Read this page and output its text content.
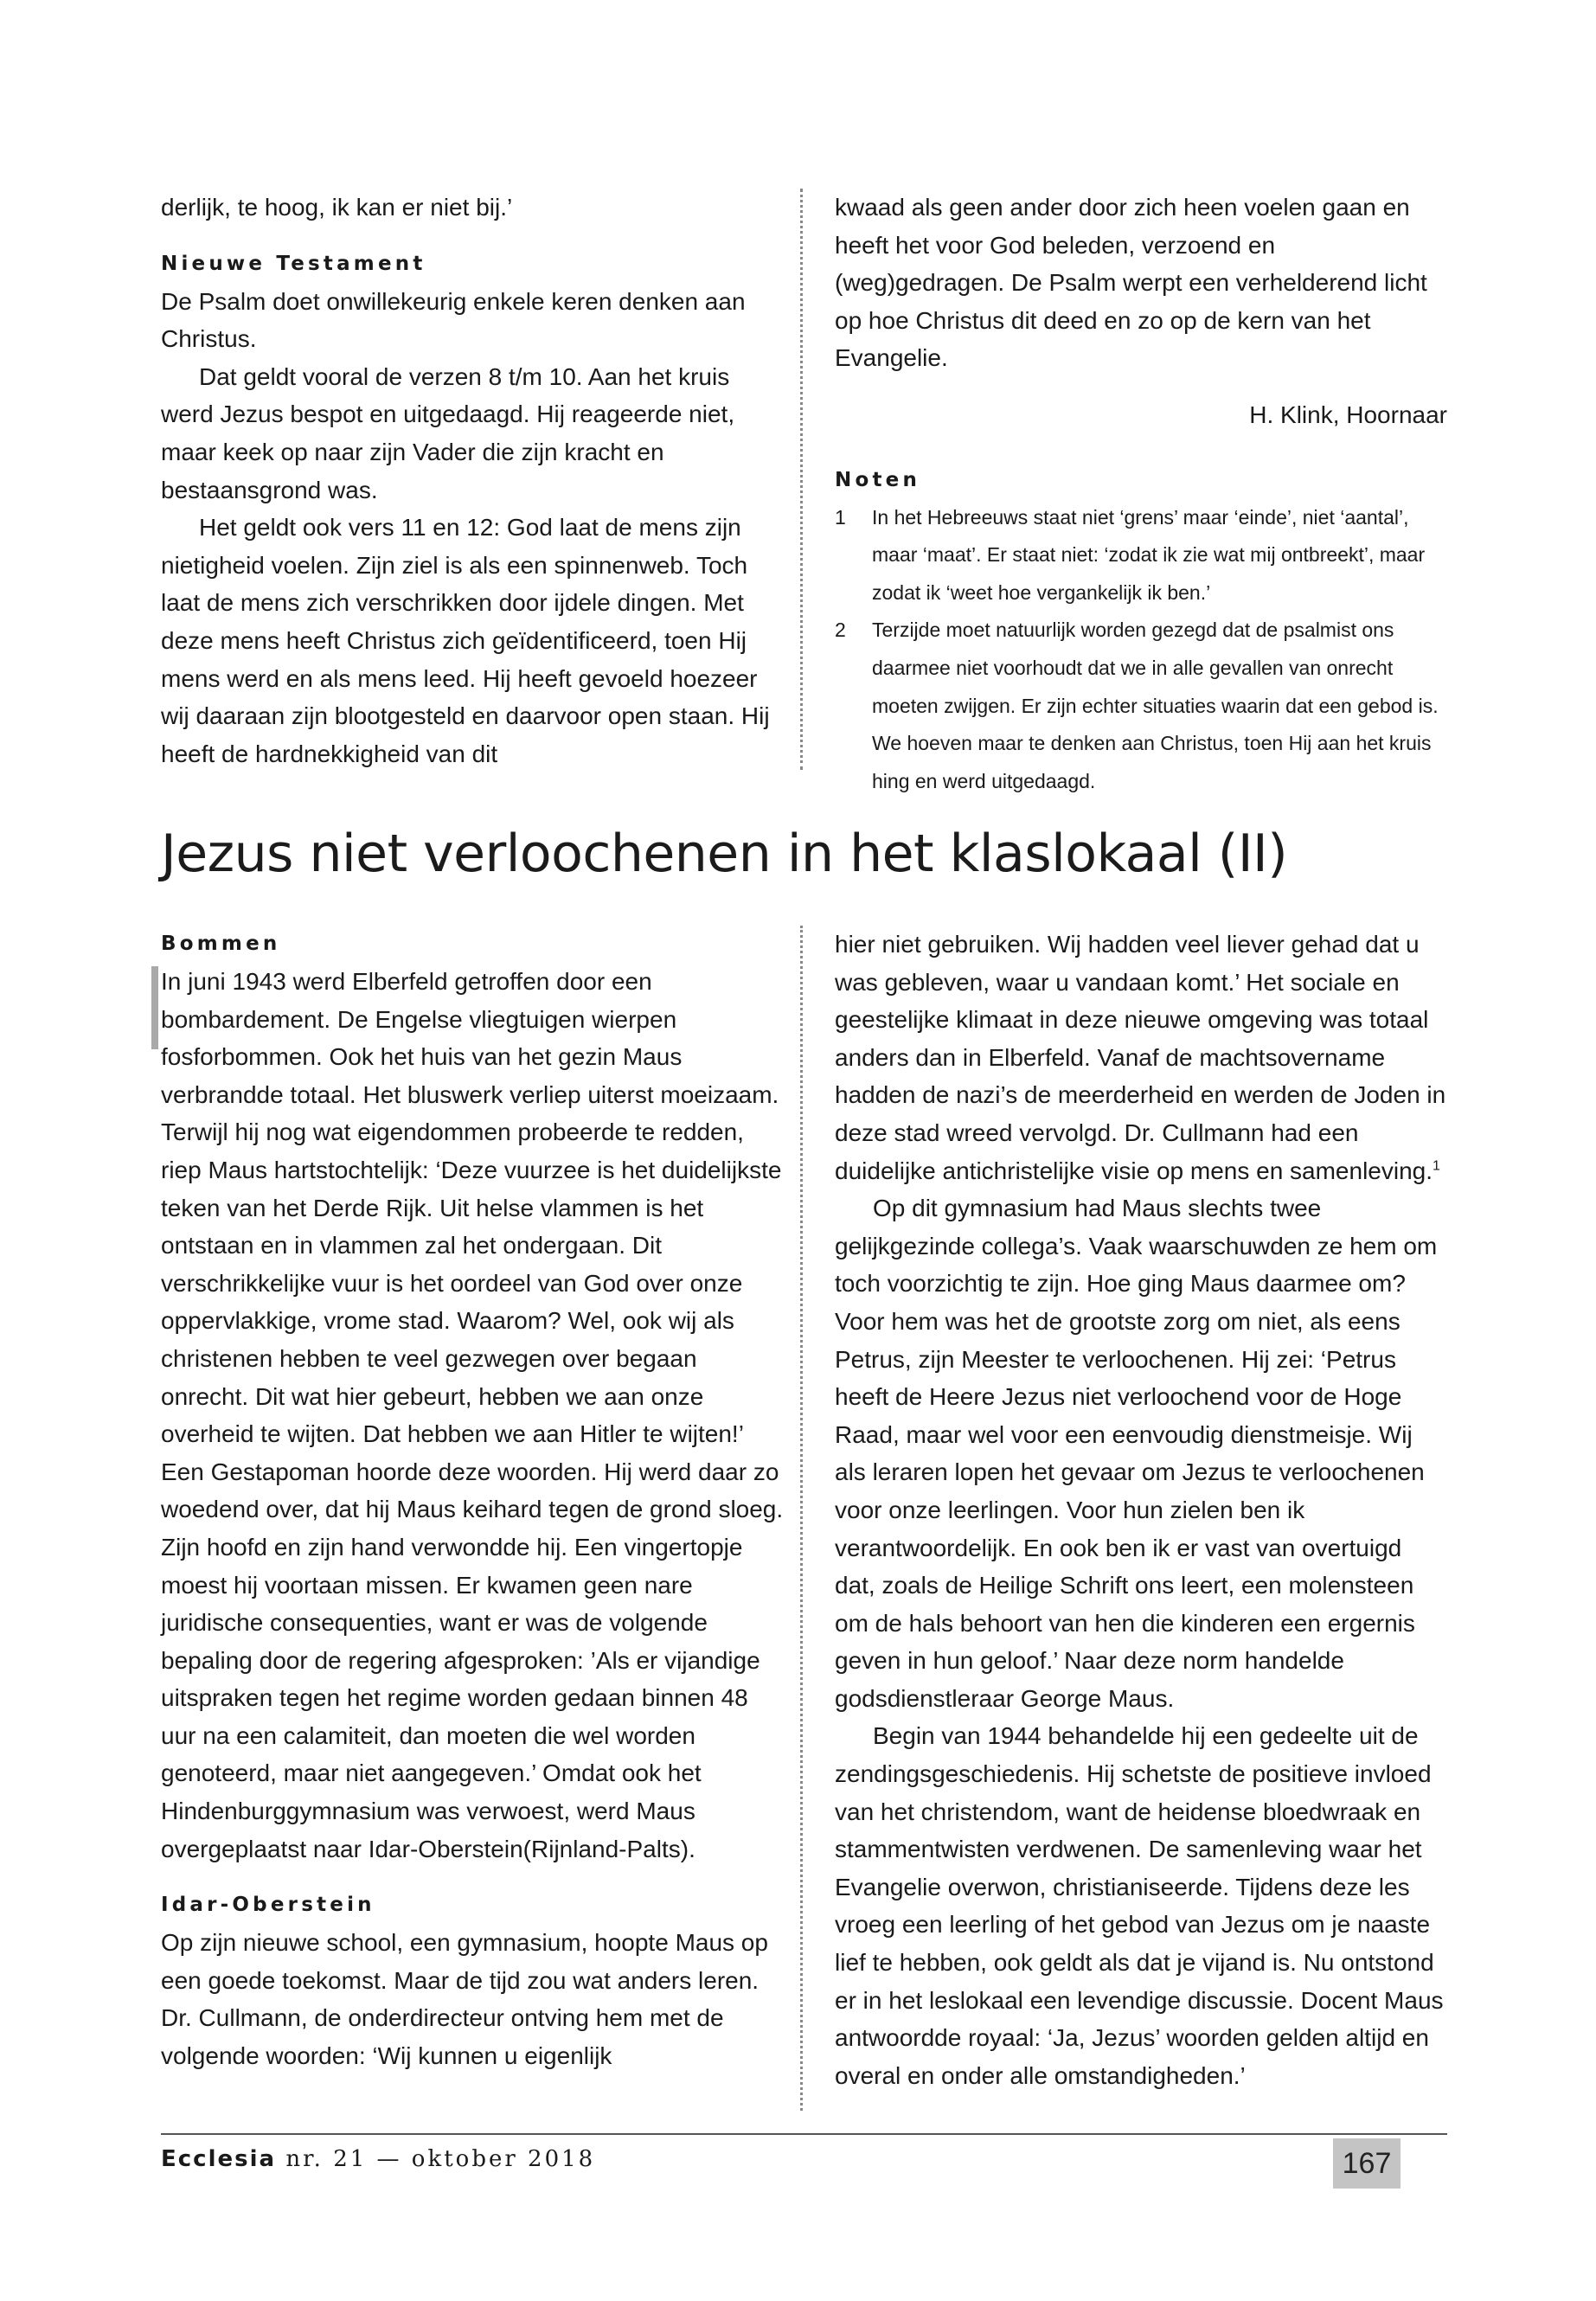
derlijk, te hoog, ik kan er niet bij.’

Nieuwe Testament

De Psalm doet onwillekeurig enkele keren denken aan Christus.

Dat geldt vooral de verzen 8 t/m 10. Aan het kruis werd Jezus bespot en uitgedaagd. Hij reageerde niet, maar keek op naar zijn Vader die zijn kracht en bestaansgrond was.

Het geldt ook vers 11 en 12: God laat de mens zijn nietigheid voelen. Zijn ziel is als een spinnenweb. Toch laat de mens zich verschrikken door ijdele dingen. Met deze mens heeft Christus zich geïdentificeerd, toen Hij mens werd en als mens leed. Hij heeft gevoeld hoezeer wij daaraan zijn blootgesteld en daarvoor open staan. Hij heeft de hardnekkigheid van dit

kwaad als geen ander door zich heen voelen gaan en heeft het voor God beleden, verzoend en (weg)gedragen. De Psalm werpt een verhelderend licht op hoe Christus dit deed en zo op de kern van het Evangelie.

H. Klink, Hoornaar

Noten
1	In het Hebreeuws staat niet ‘grens’ maar ‘einde’, niet ‘aantal’, maar ‘maat’. Er staat niet: ‘zodat ik zie wat mij ontbreekt’, maar zodat ik ‘weet hoe vergankelijk ik ben.’
2	Terzijde moet natuurlijk worden gezegd dat de psalmist ons daarmee niet voorhoudt dat we in alle gevallen van onrecht moeten zwijgen. Er zijn echter situaties waarin dat een gebod is. We hoeven maar te denken aan Christus, toen Hij aan het kruis hing en werd uitgedaagd.
Jezus niet verloochenen in het klaslokaal (II)
Bommen

In juni 1943 werd Elberfeld getroffen door een bombardement. De Engelse vliegtuigen wierpen fosforbommen. Ook het huis van het gezin Maus verbrandde totaal. Het bluswerk verliep uiterst moeizaam. Terwijl hij nog wat eigendommen probeerde te redden, riep Maus hartstochtelijk: ‘Deze vuurzee is het duidelijkste teken van het Derde Rijk. Uit helse vlammen is het ontstaan en in vlammen zal het ondergaan. Dit verschrikkelijke vuur is het oordeel van God over onze oppervlakkige, vrome stad. Waarom? Wel, ook wij als christenen hebben te veel gezwegen over begaan onrecht. Dit wat hier gebeurt, hebben we aan onze overheid te wijten. Dat hebben we aan Hitler te wijten!’ Een Gestapoman hoorde deze woorden. Hij werd daar zo woedend over, dat hij Maus keihard tegen de grond sloeg. Zijn hoofd en zijn hand verwondde hij. Een vingertopje moest hij voortaan missen. Er kwamen geen nare juridische consequenties, want er was de volgende bepaling door de regering afgesproken: ’Als er vijandige uitspraken tegen het regime worden gedaan binnen 48 uur na een calamiteit, dan moeten die wel worden genoteerd, maar niet aangegeven.’ Omdat ook het Hindenburggymnasium was verwoest, werd Maus overgeplaatst naar Idar-Oberstein(Rijnland-Palts).

Idar-Oberstein

Op zijn nieuwe school, een gymnasium, hoopte Maus op een goede toekomst. Maar de tijd zou wat anders leren. Dr. Cullmann, de onderdirecteur ontving hem met de volgende woorden: ‘Wij kunnen u eigenlijk

hier niet gebruiken. Wij hadden veel liever gehad dat u was gebleven, waar u vandaan komt.’ Het sociale en geestelijke klimaat in deze nieuwe omgeving was totaal anders dan in Elberfeld. Vanaf de machtsovername hadden de nazi’s de meerderheid en werden de Joden in deze stad wreed vervolgd. Dr. Cullmann had een duidelijke antichristelijke visie op mens en samenleving.$^1$

Op dit gymnasium had Maus slechts twee gelijkgezinde collega’s. Vaak waarschuwden ze hem om toch voorzichtig te zijn. Hoe ging Maus daarmee om? Voor hem was het de grootste zorg om niet, als eens Petrus, zijn Meester te verloochenen. Hij zei: ‘Petrus heeft de Heere Jezus niet verloochend voor de Hoge Raad, maar wel voor een eenvoudig dienstmeisje. Wij als leraren lopen het gevaar om Jezus te verloochenen voor onze leerlingen. Voor hun zielen ben ik verantwoordelijk. En ook ben ik er vast van overtuigd dat, zoals de Heilige Schrift ons leert, een molensteen om de hals behoort van hen die kinderen een ergernis geven in hun geloof.’ Naar deze norm handelde godsdienstleraar George Maus.

Begin van 1944 behandelde hij een gedeelte uit de zendingsgeschiedenis. Hij schetste de positieve invloed van het christendom, want de heidense bloedwraak en stammentwisten verdwenen. De samenleving waar het Evangelie overwon, christianiseerde. Tijdens deze les vroeg een leerling of het gebod van Jezus om je naaste lief te hebben, ook geldt als dat je vijand is. Nu ontstond er in het leslokaal een levendige discussie. Docent Maus antwoordde royaal: ‘Ja, Jezus’ woorden gelden altijd en overal en onder alle omstandigheden.’

Ecclesia nr. 21 — oktober 2018	167
